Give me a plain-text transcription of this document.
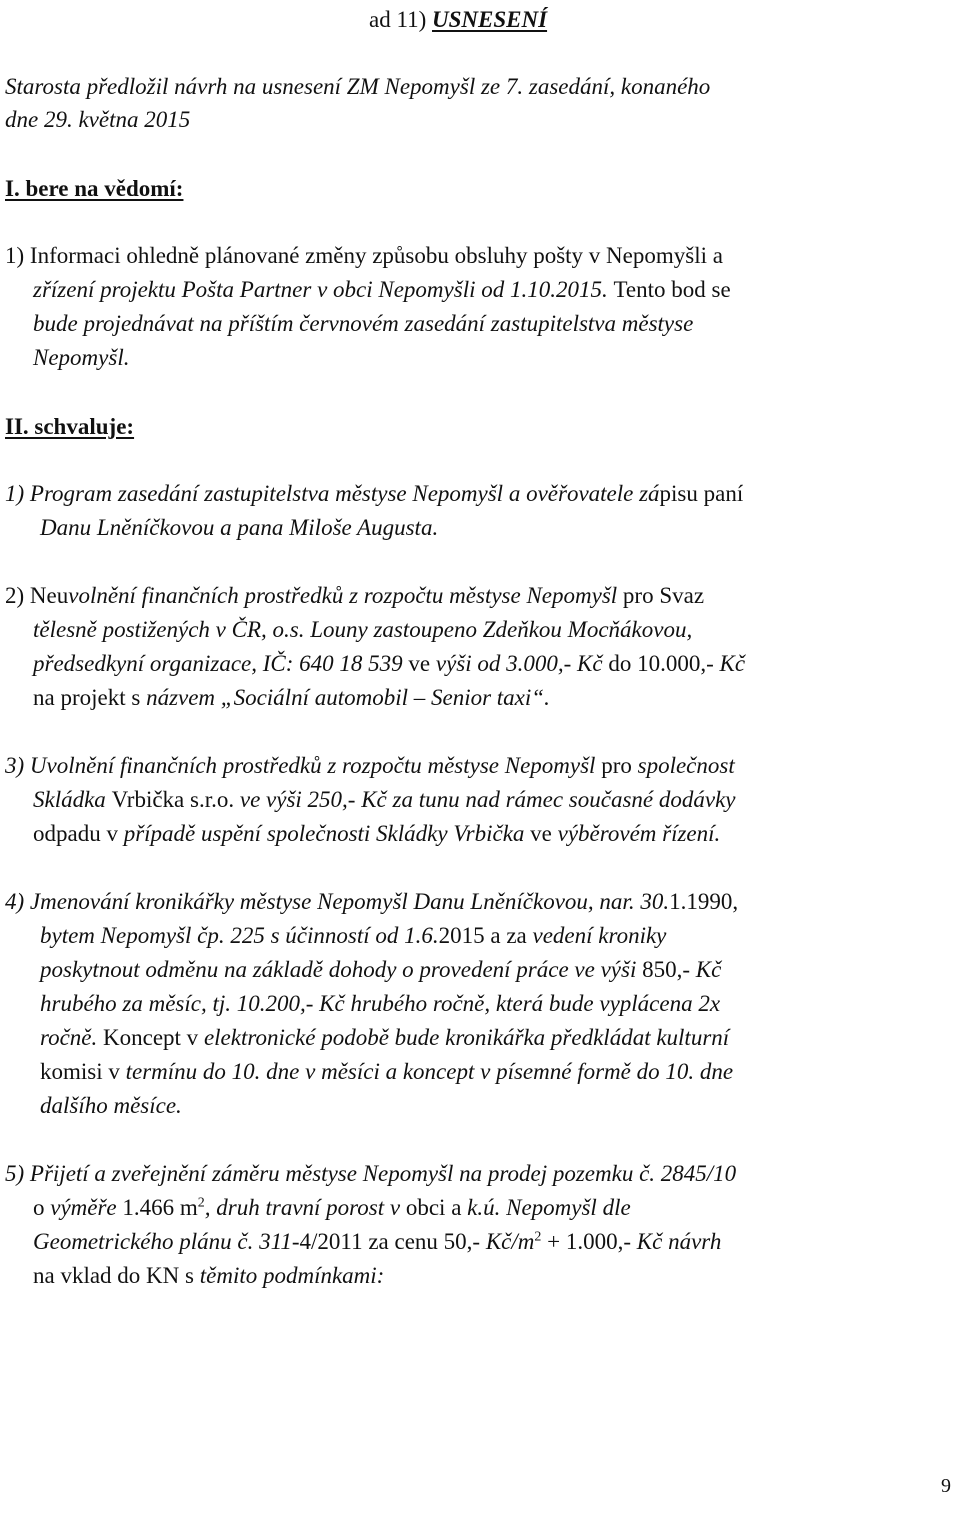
ad 11) USNESENÍ
Starosta předložil návrh na usnesení ZM Nepomyšl ze 7. zasedání, konaného
dne 29. května 2015
I. bere na vědomí:
1) Informaci ohledně plánované změny způsobu obsluhy pošty v Nepomyšli a
zřízení projektu Pošta Partner v obci Nepomyšli od 1.10.2015. Tento bod se
bude projednávat na příštím červnovém zasedání zastupitelstva městyse
Nepomyšl.
II. schvaluje:
1) Program zasedání zastupitelstva městyse Nepomyšl a ověřovatele zápisu paní
Danu Lněníčkovou a pana Miloše Augusta.
2) Neuvolnění finančních prostředků z rozpočtu městyse Nepomyšl pro Svaz
tělesně postižených v ČR, o.s. Louny zastoupeno Zdeňkou Mocňákovou,
předsedkyní organizace, IČ: 640 18 539 ve výši od 3.000,- Kč do 10.000,- Kč
na projekt s názvem „Sociální automobil – Senior taxi“.
3) Uvolnění finančních prostředků z rozpočtu městyse Nepomyšl pro společnost
Skládka Vrbička s.r.o. ve výši 250,- Kč za tunu nad rámec současné dodávky
odpadu v případě uspění společnosti Skládky Vrbička ve výběrovém řízení.
4) Jmenování kronikářky městyse Nepomyšl Danu Lněníčkovou, nar. 30.1.1990,
bytem Nepomyšl čp. 225 s účinností od 1.6.2015 a za vedení kroniky
poskytnout odměnu na základě dohody o provedení práce ve výši 850,- Kč
hrubého za měsíc, tj. 10.200,- Kč hrubého ročně, která bude vyplácena 2x
ročně. Koncept v elektronické podobě bude kronikářka předkládat kulturní
komisi v termínu do 10. dne v měsíci a koncept v písemné formě do 10. dne
dalšího měsíce.
5) Přijetí a zveřejnění záměru městyse Nepomyšl na prodej pozemku č. 2845/10
o výměře 1.466 $m^2$, druh travní porost v obci a k.ú. Nepomyšl dle
Geometrického plánu č. 311-4/2011 za cenu 50,- $Kč/m^2 + 1.000,-$ Kč návrh
na vklad do KN s těmito podmínkami:
9
